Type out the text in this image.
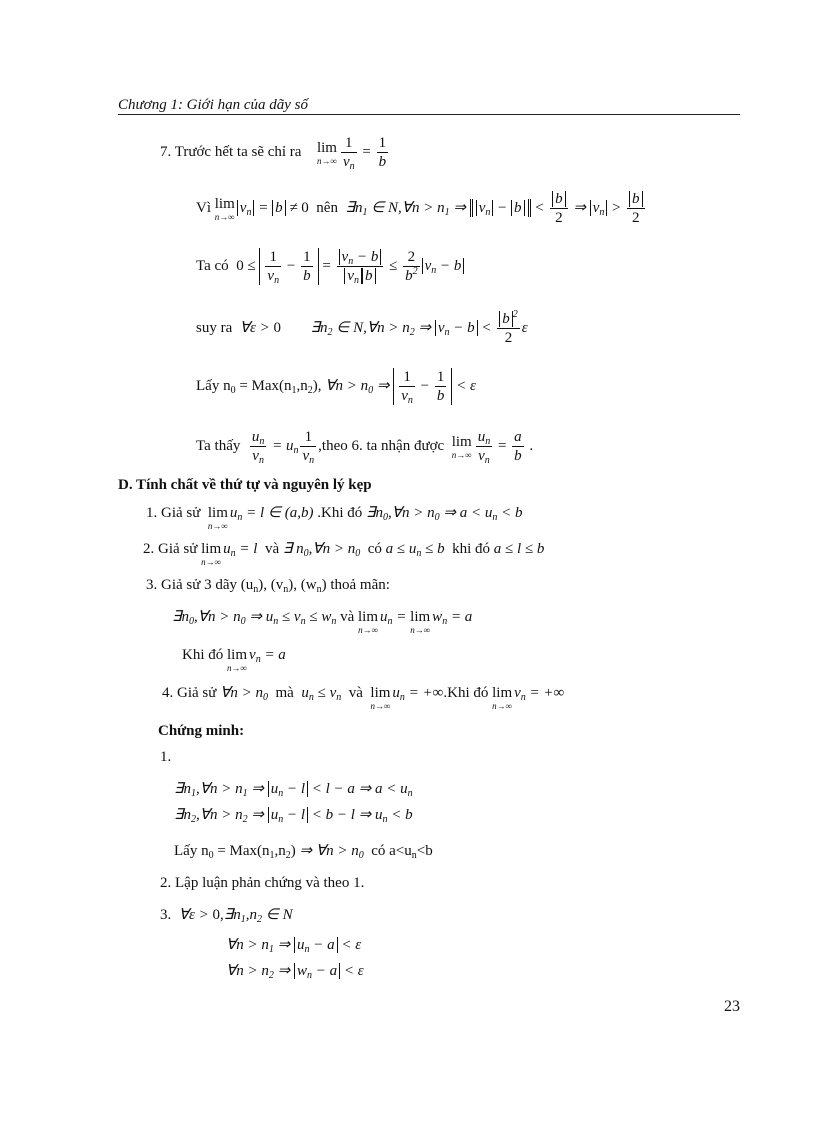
Chương 1: Giới hạn của dãy số
7. Trước hết ta sẽ chỉ ra lim
$n\to\infty \frac{1}{v_n} = \frac{1}{b}$
Vì lim
n→∞
$v_n = b \ne 0$ nên $\exists n_1$ ∈ N,∀n > $n_1$ ⇒ $v_n - b < \frac{b}{2}$ ⇒ $v_n > \frac{b}{2}$
Ta có $0 \le \frac{1}{v_n} - \frac{1}{b} = \frac{v_n - b}{v_n b} \le \frac{2}{b^2} v_n - b$
suy ra ∀ε > 0 $\exists n_2$ ∈ N,∀n > $n_2$ ⇒ $v_n - b < \frac{b ^2}{2}$ ε
Lấy $n_0 = Max(n_1,n_2)$, ∀n > $n_0$ ⇒ $\frac{1}{v_n} - \frac{1}{b} < \varepsilon$
Ta thấy $\frac{u_n}{v_n} = u_n \frac{1}{v_n}$ ,theo 6. ta nhận được lim
$n\to\infty \frac{u_n}{v_n} = \frac{a}{b}$ .
D. Tính chất về thứ tự và nguyên lý kẹp
1. Giả sử lim
n→∞
$u_n = l$ ∈ (a,b) .Khi đó $\exists n_0,\forall n > n_0$ ⇒ $a < u_n < b$
2. Giả sử lim
n→∞
$u_n = l$ và ∃ $n_0,\forall n > n_0$ có $a \le u_n \le b$ khi đó a ≤ l ≤ b
3. Giả sử 3 dãy $(u_n)$, $(v_n)$, $(w_n)$ thoả mãn:
$\exists n_0,\forall n > n_0$ ⇒ $u_n \le v_n \le w_n$ và lim
n→∞
$u_n = \lim$
n→∞
$w_n = a$
Khi đó lim
n→∞
$v_n = a$
4. Giả sử ∀n > $n_0$ mà $u_n \le v_n$ và lim
n→∞
$u_n = +\infty.Khi$ đó lim
n→∞
$v_n$ = +∞
Chứng minh:
1.
$\exists n_1,\forall n > n_1$ ⇒ $u_n - l < l - a$ ⇒ $a < u_n$
$\exists n_2,\forall n > n_2$ ⇒ $u_n - l < b - l$ ⇒ $u_n < b$
Lấy $n_0 = Max(n_1,n_2)$ ⇒ ∀n > $n_0$ có $a<u_n<b$
2. Lập luận phản chứng và theo 1.
3. ∀ε > $0,\exists n_1,n_2$ ∈ N
∀n > $n_1$ ⇒ $u_n - a < \varepsilon$
∀n > $n_2$ ⇒ $w_n - a < \varepsilon$
23
